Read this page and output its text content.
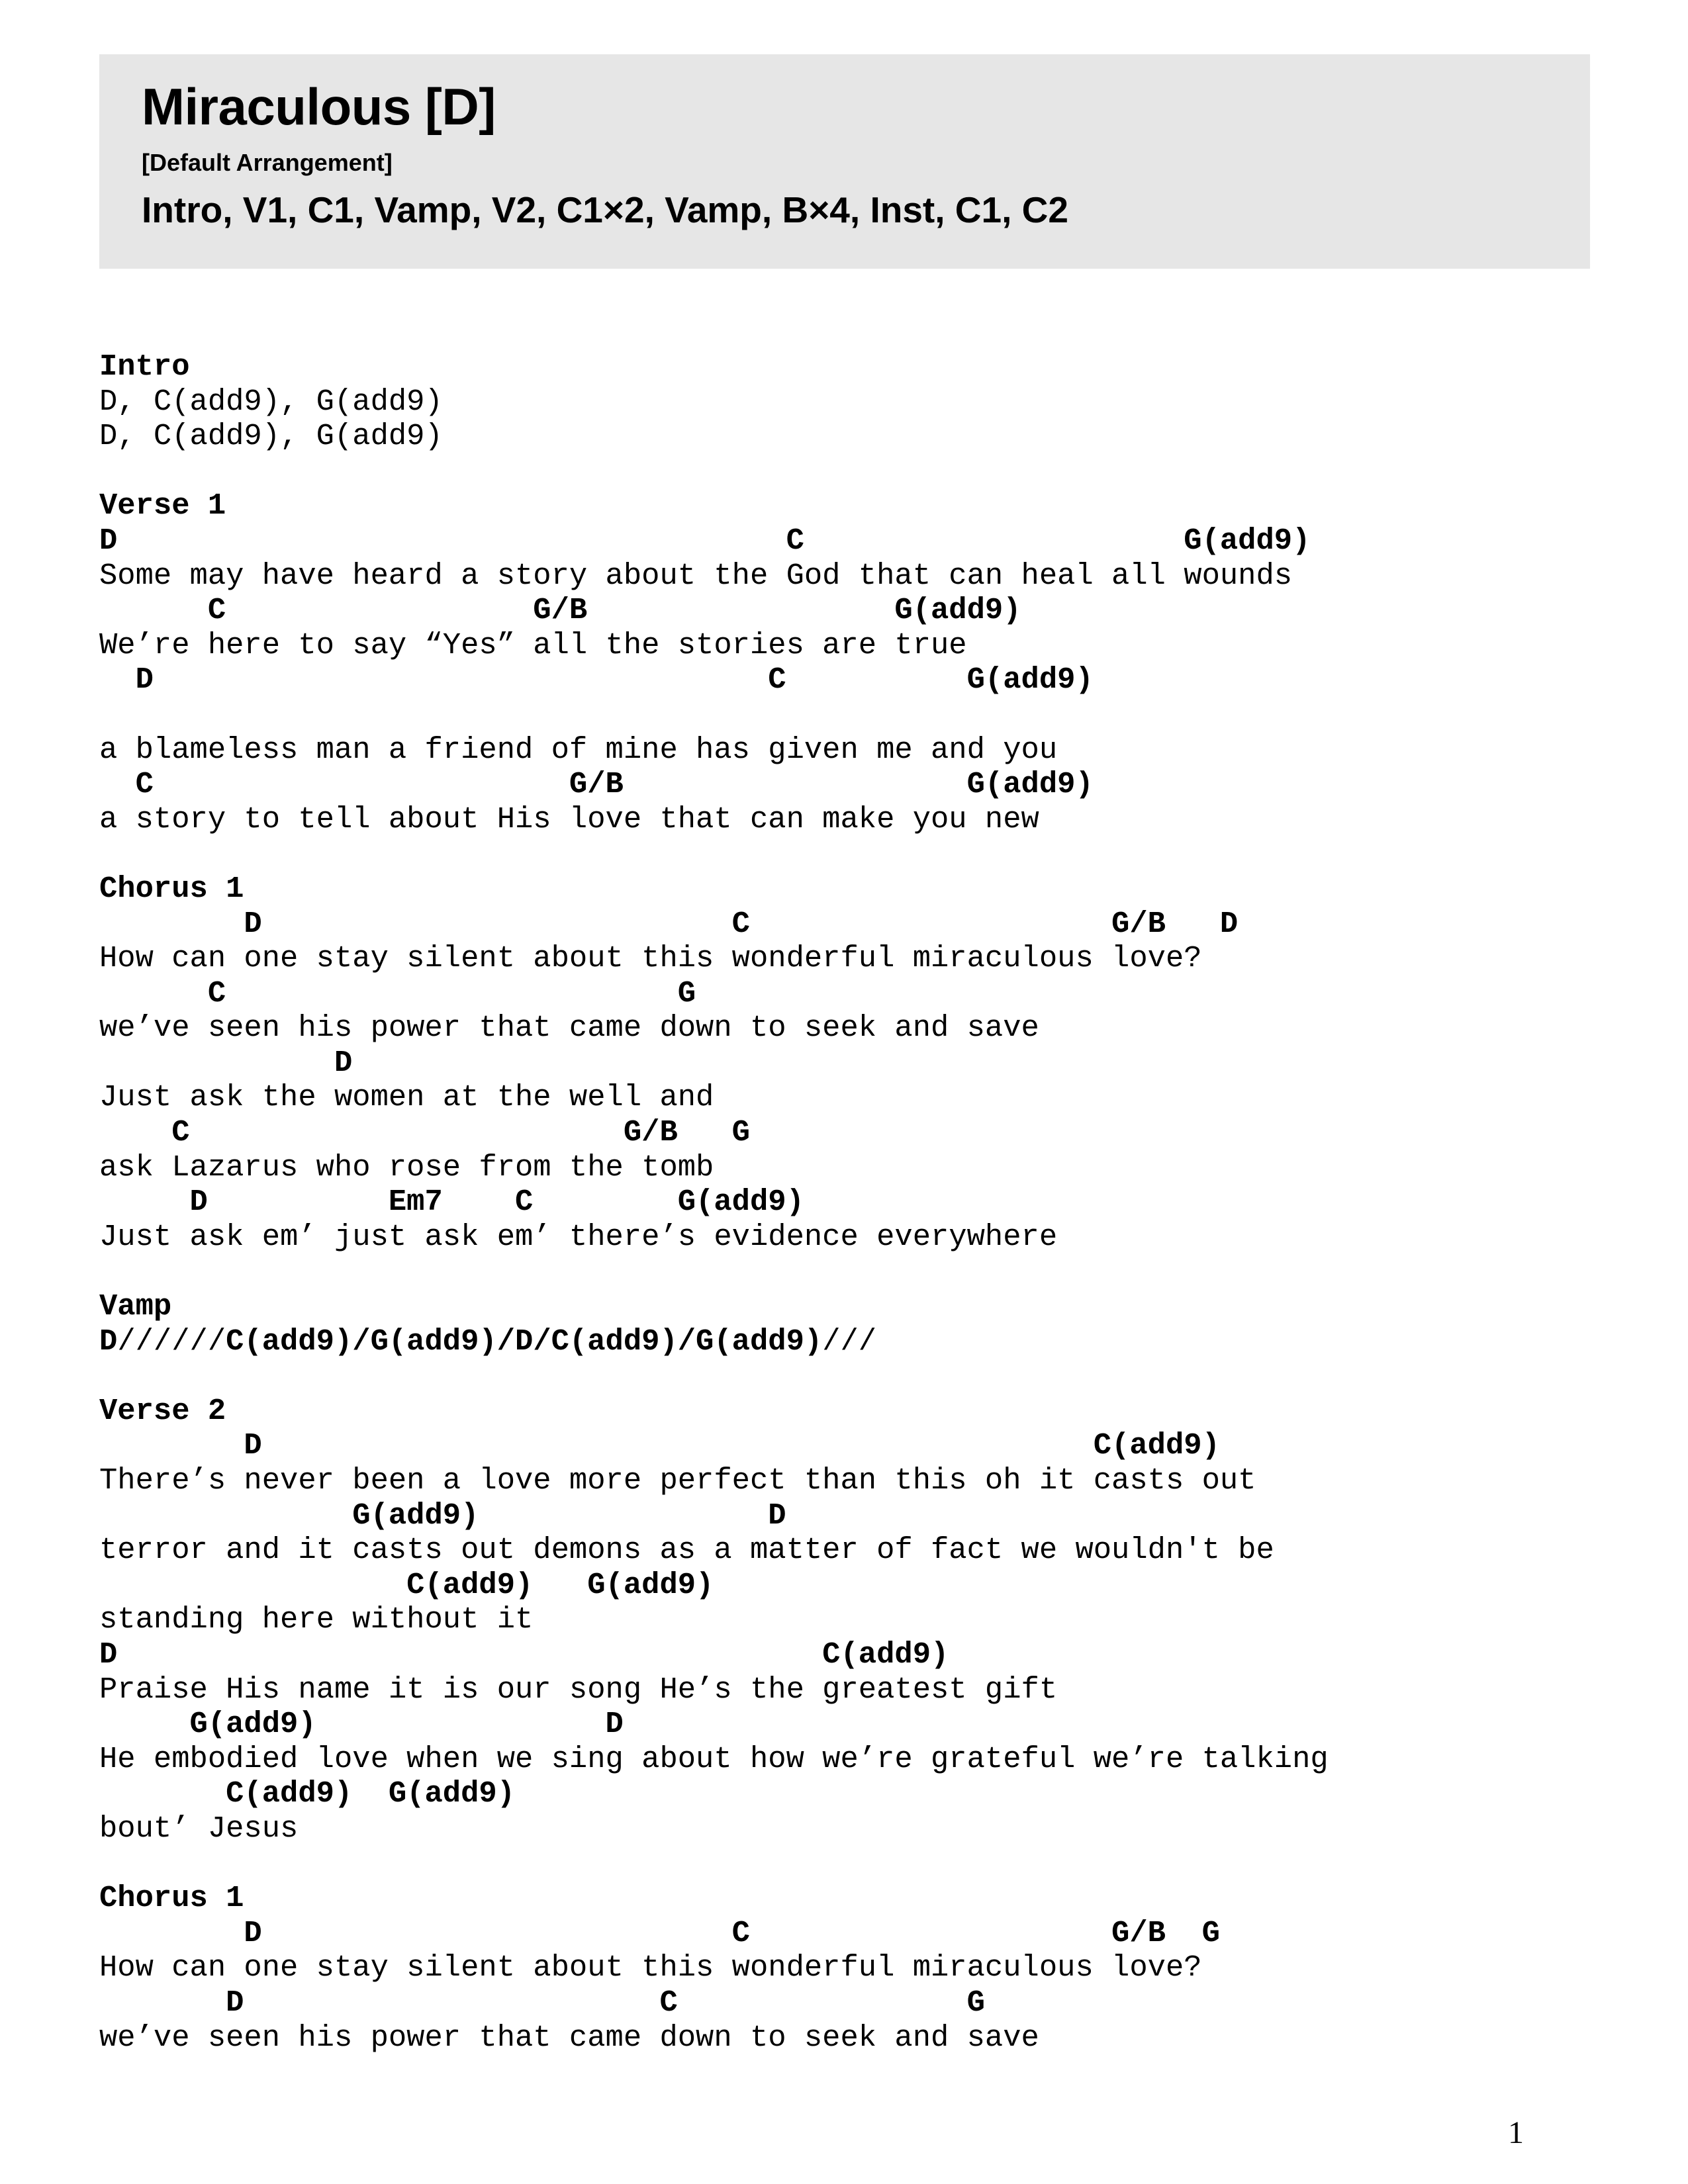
Miraculous [D]
[Default Arrangement]
Intro, V1, C1, Vamp, V2, C1×2, Vamp, B×4, Inst, C1, C2
Intro
D, C(add9), G(add9)
D, C(add9), G(add9)
Verse 1
D                                     C                     G(add9)
Some may have heard a story about the God that can heal all wounds
C                 G/B                 G(add9)
We’re here to say “Yes” all the stories are true
D                                  C          G(add9)
a blameless man a friend of mine has given me and you
C                       G/B                   G(add9)
a story to tell about His love that can make you new
Chorus 1
D                          C                    G/B   D
How can one stay silent about this wonderful miraculous love?
C                         G
we’ve seen his power that came down to seek and save
D
Just ask the women at the well and
C                        G/B   G
ask Lazarus who rose from the tomb
D          Em7    C        G(add9)
Just ask em’ just ask em’ there’s evidence everywhere
Vamp
D//////C(add9)/G(add9)/D/C(add9)/G(add9)///
Verse 2
D                                              C(add9)
There’s never been a love more perfect than this oh it casts out
G(add9)                D
terror and it casts out demons as a matter of fact we wouldn't be
C(add9)   G(add9)
standing here without it
D                                       C(add9)
Praise His name it is our song He’s the greatest gift
G(add9)                D
He embodied love when we sing about how we’re grateful we’re talking
C(add9)  G(add9)
bout’ Jesus
Chorus 1
D                          C                    G/B  G
How can one stay silent about this wonderful miraculous love?
D                       C                G
we’ve seen his power that came down to seek and save
1
